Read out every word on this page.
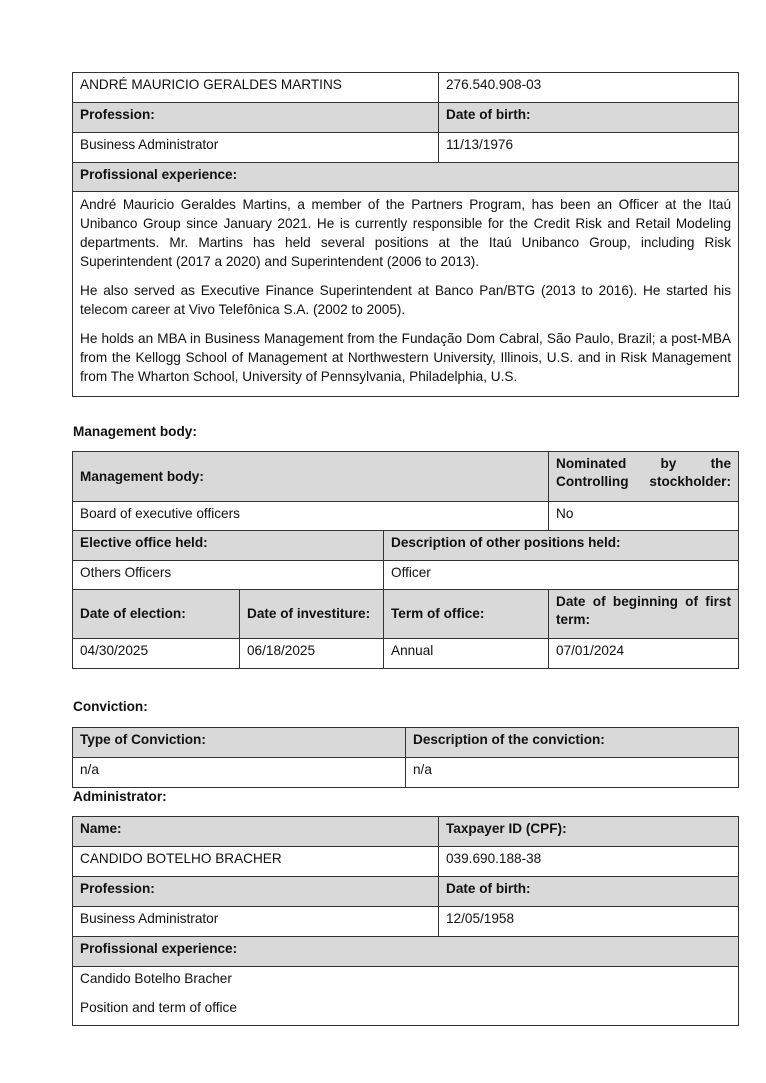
ANDRÉ MAURICIO GERALDES MARTINS	276.540.908-03
Profession:	Date of birth:
Business Administrator	11/13/1976
Profissional experience:	

André Mauricio Geraldes Martins, a member of the Partners Program, has been an Officer at the Itaú Unibanco Group since January 2021. He is currently responsible for the Credit Risk and Retail Modeling departments. Mr. Martins has held several positions at the Itaú Unibanco Group, including Risk Superintendent (2017 a 2020) and Superintendent (2006 to 2013).

He also served as Executive Finance Superintendent at Banco Pan/BTG (2013 to 2016). He started his telecom career at Vivo Telefônica S.A. (2002 to 2005).

He holds an MBA in Business Management from the Fundação Dom Cabral, São Paulo, Brazil; a post-MBA from the Kellogg School of Management at Northwestern University, Illinois, U.S. and in Risk Management from The Wharton School, University of Pennsylvania, Philadelphia, U.S.	

Management body:
Management body:			Nominated by the Controlling stockholder:
Board of executive officers			No
Elective office held:		Description of other positions held:	
Others Officers		Officer	
Date of election:	Date of investiture:	Term of office:	Date of beginning of first term:
04/30/2025	06/18/2025	Annual	07/01/2024
Conviction:
Type of Conviction:	Description of the conviction:
n/a	n/a
Administrator:
Name:	Taxpayer ID (CPF):
CANDIDO BOTELHO BRACHER	039.690.188-38
Profession:	Date of birth:
Business Administrator	12/05/1958
Profissional experience:	

Candido Botelho Bracher
Position and term of office	
